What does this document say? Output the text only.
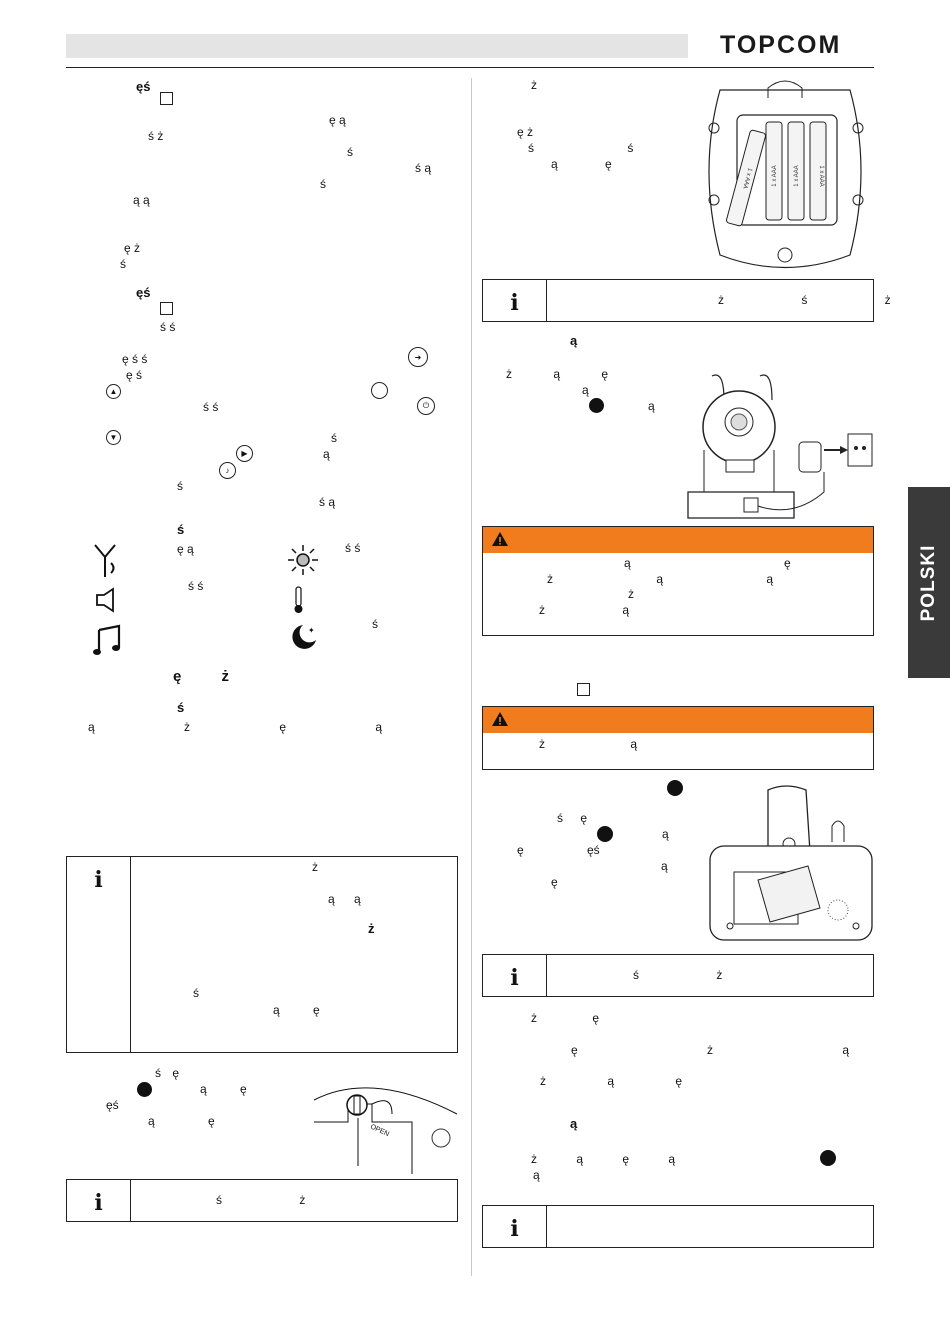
TOPCOM
POLSKI
ęś
ę ą
ś ż
ś
ś ą
ś
ą ą
ę ż
ś
ęś
ś ś
ę ś ś	➜
▲
ę ś
ś ś	⏻
▼	ś
▶	ą
♪
ś
ś ą
ś
ę ą	ś ś
ś ś
✦	ś
ę ż
ś
ą ż ę ą
i	ż
ą ą
ż
ś
ą ę
ś ę
ą ę
ęś
ą ę
OPEN
i	ś ż
ż
ę ż
ś ś
ą ę
1 x AAA	1 x AAA	1 x AAA
1 x AAA
i	ż ś ż
ą
ż ą ę
ą
ą
ą ę
ż ą ą
ż
ż ą
ż ą
ś ę
ą
ę ęś
ą
ę
i	ś ż
ż ę
ę ż ą
ż ą ę
ą
ż ą ę ą
ą
i
